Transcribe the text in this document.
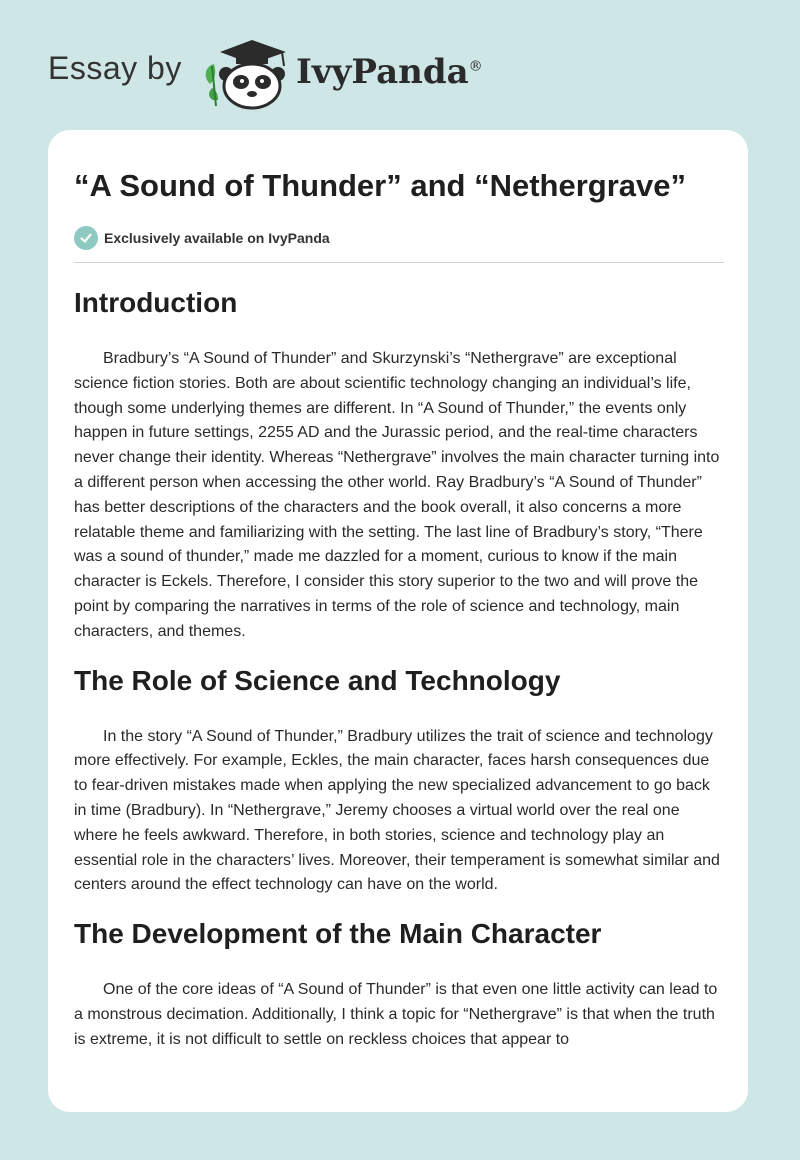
Essay by	IvyPanda®
“A Sound of Thunder” and “Nethergrave”
Exclusively available on IvyPanda
Introduction

Bradbury’s “A Sound of Thunder” and Skurzynski’s “Nethergrave” are exceptional science fiction stories. Both are about scientific technology changing an individual’s life, though some underlying themes are different. In “A Sound of Thunder,” the events only happen in future settings, 2255 AD and the Jurassic period, and the real-time characters never change their identity. Whereas “Nethergrave” involves the main character turning into a different person when accessing the other world. Ray Bradbury’s “A Sound of Thunder” has better descriptions of the characters and the book overall, it also concerns a more relatable theme and familiarizing with the setting. The last line of Bradbury’s story, “There was a sound of thunder,” made me dazzled for a moment, curious to know if the main character is Eckels. Therefore, I consider this story superior to the two and will prove the point by comparing the narratives in terms of the role of science and technology, main characters, and themes.

The Role of Science and Technology

In the story “A Sound of Thunder,” Bradbury utilizes the trait of science and technology more effectively. For example, Eckles, the main character, faces harsh consequences due to fear-driven mistakes made when applying the new specialized advancement to go back in time (Bradbury). In “Nethergrave,” Jeremy chooses a virtual world over the real one where he feels awkward. Therefore, in both stories, science and technology play an essential role in the characters’ lives. Moreover, their temperament is somewhat similar and centers around the effect technology can have on the world.

The Development of the Main Character

One of the core ideas of “A Sound of Thunder” is that even one little activity can lead to a monstrous decimation. Additionally, I think a topic for “Nethergrave” is that when the truth is extreme, it is not difficult to settle on reckless choices that appear to
